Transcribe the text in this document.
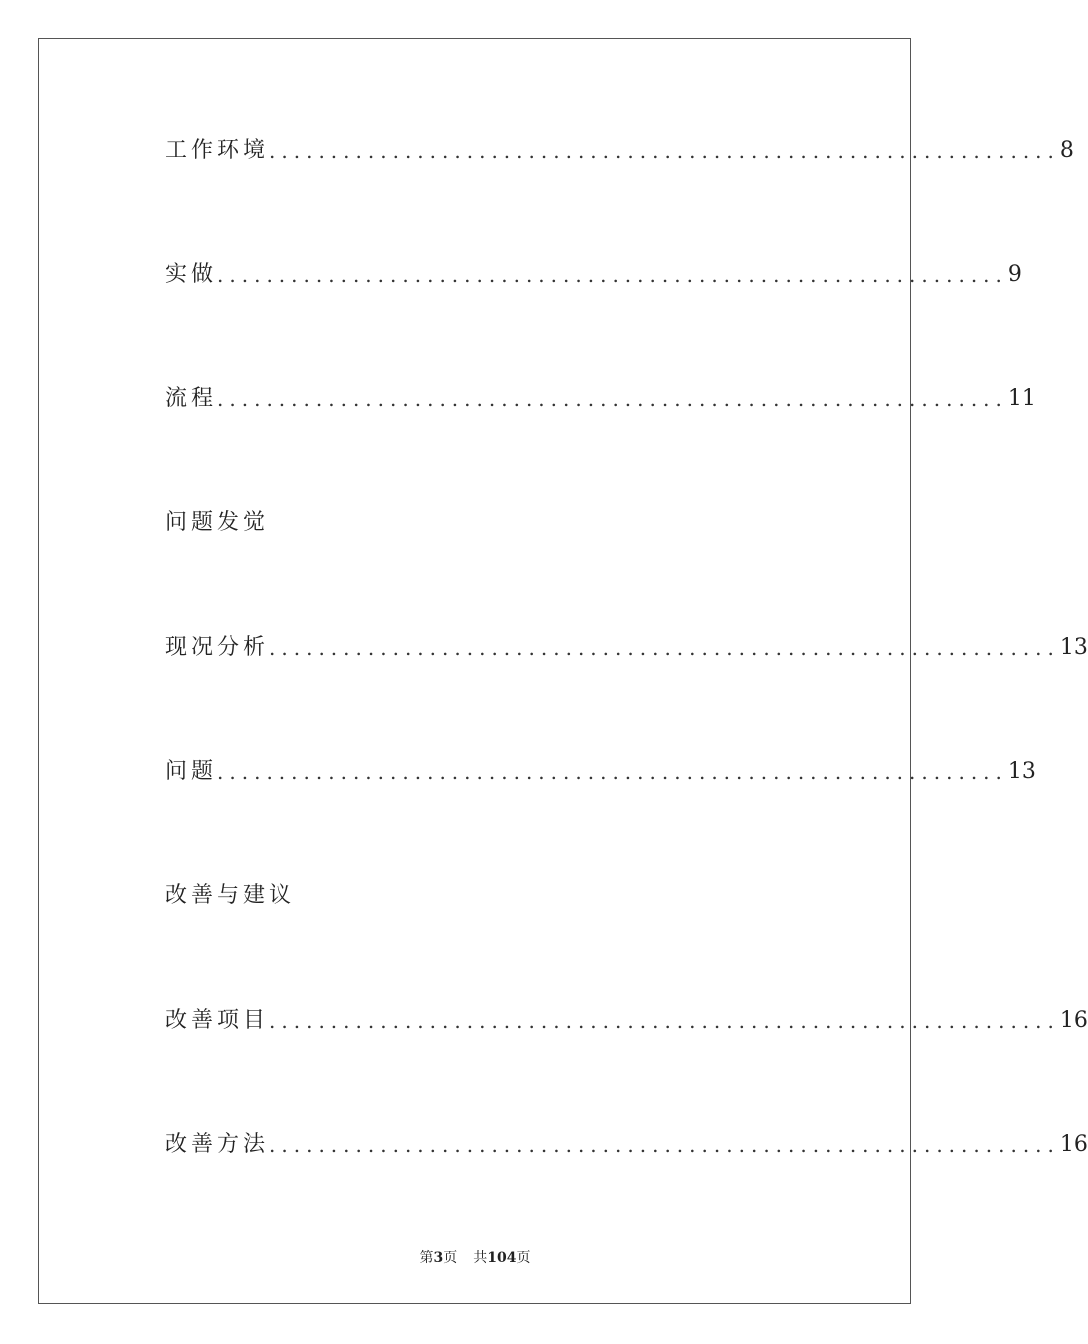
工作环境 ................................................................ 8
实做 ................................................................ 9
流程 ................................................................ 11
问题发觉
现况分析 ................................................................ 13
问题 ................................................................ 13
改善与建议
改善项目 ................................................................ 16
改善方法 ................................................................ 16
第3页 共104页
